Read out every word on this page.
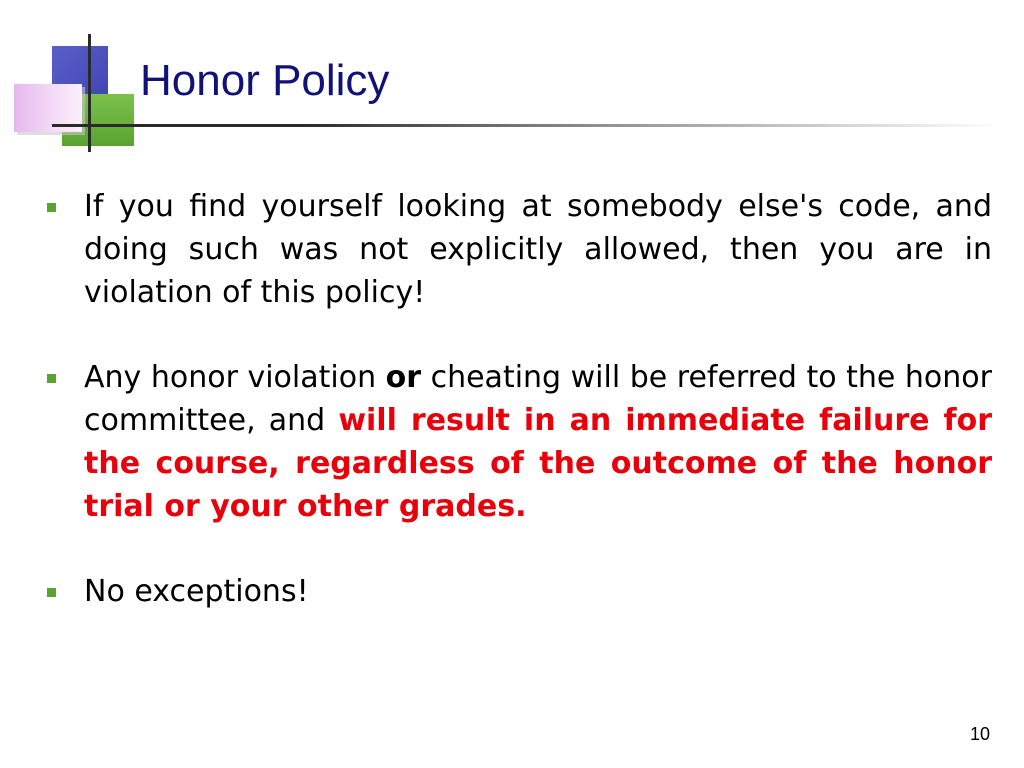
Honor Policy
If you find yourself looking at somebody else's code, and doing such was not explicitly allowed, then you are in violation of this policy!
Any honor violation or cheating will be referred to the honor committee, and will result in an immediate failure for the course, regardless of the outcome of the honor trial or your other grades.
No exceptions!
10
